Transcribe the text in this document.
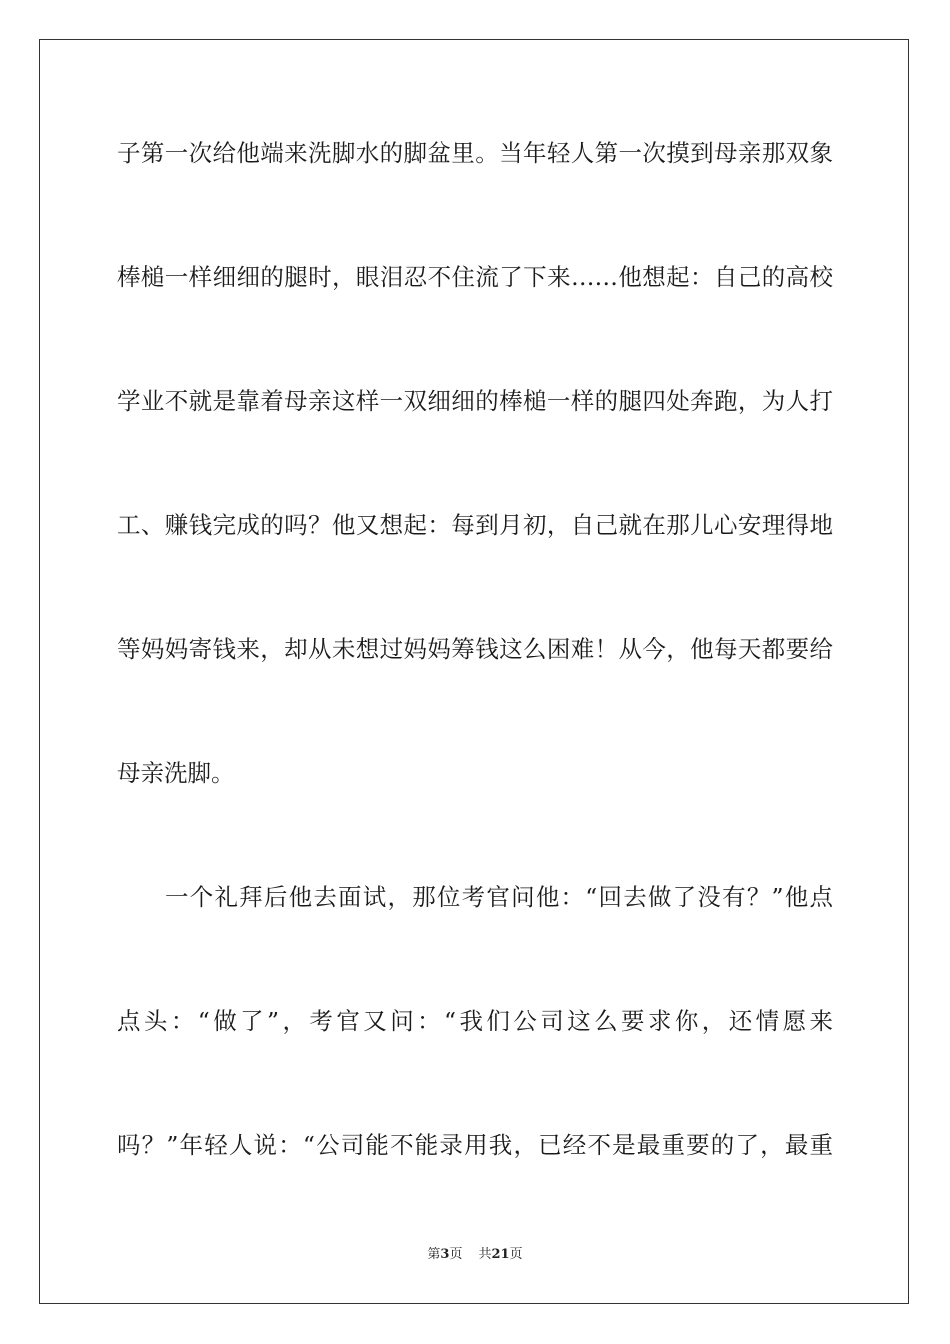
子第一次给他端来洗脚水的脚盆里。当年轻人第一次摸到母亲那双象
棒槌一样细细的腿时，眼泪忍不住流了下来……他想起：自己的高校
学业不就是靠着母亲这样一双细细的棒槌一样的腿四处奔跑，为人打
工、赚钱完成的吗？他又想起：每到月初，自己就在那儿心安理得地
等妈妈寄钱来，却从未想过妈妈筹钱这么困难！从今，他每天都要给
母亲洗脚。
一个礼拜后他去面试，那位考官问他：“回去做了没有？”他点
点头：“做了”，考官又问：“我们公司这么要求你，还情愿来
吗？”年轻人说：“公司能不能录用我，已经不是最重要的了，最重
第3页 共21页
